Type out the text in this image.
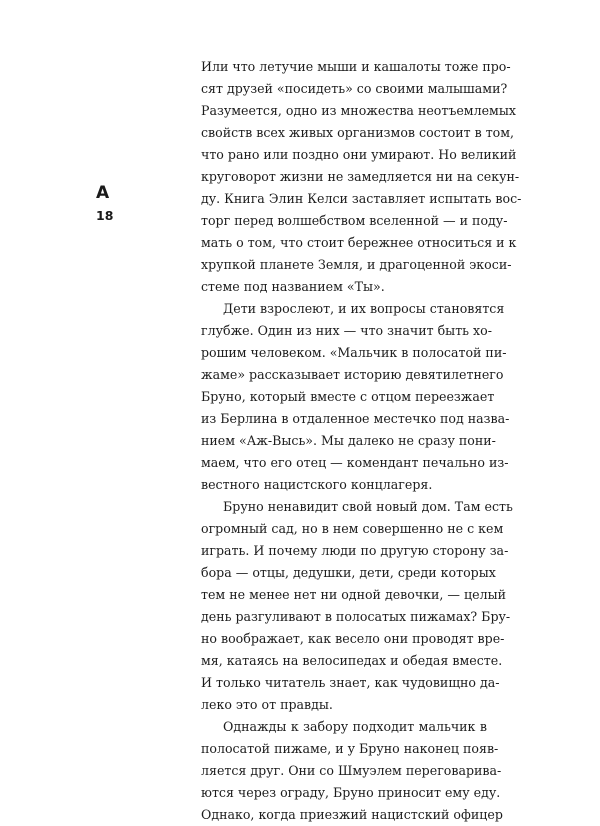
А
18
Или что летучие мыши и кашалоты тоже про-
сят друзей «посидеть» со своими малышами?
Разумеется, одно из множества неотъемлемых
свойств всех живых организмов состоит в том,
что рано или поздно они умирают. Но великий
круговорот жизни не замедляется ни на секун-
ду. Книга Элин Келси заставляет испытать вос-
торг перед волшебством вселенной — и поду-
мать о том, что стоит бережнее относиться и к
хрупкой планете Земля, и драгоценной экоси-
стеме под названием «Ты».
Дети взрослеют, и их вопросы становятся
глубже. Один из них — что значит быть хо-
рошим человеком. «Мальчик в полосатой пи-
жаме» рассказывает историю девятилетнего
Бруно, который вместе с отцом переезжает
из Берлина в отдаленное местечко под назва-
нием «Аж-Высь». Мы далеко не сразу пони-
маем, что его отец — комендант печально из-
вестного нацистского концлагеря.
Бруно ненавидит свой новый дом. Там есть
огромный сад, но в нем совершенно не с кем
играть. И почему люди по другую сторону за-
бора — отцы, дедушки, дети, среди которых
тем не менее нет ни одной девочки, — целый
день разгуливают в полосатых пижамах? Бру-
но воображает, как весело они проводят вре-
мя, катаясь на велосипедах и обедая вместе.
И только читатель знает, как чудовищно да-
леко это от правды.
Однажды к забору подходит мальчик в
полосатой пижаме, и у Бруно наконец появ-
ляется друг. Они со Шмуэлем переговарива-
ются через ограду, Бруно приносит ему еду.
Однако, когда приезжий нацистский офицер
